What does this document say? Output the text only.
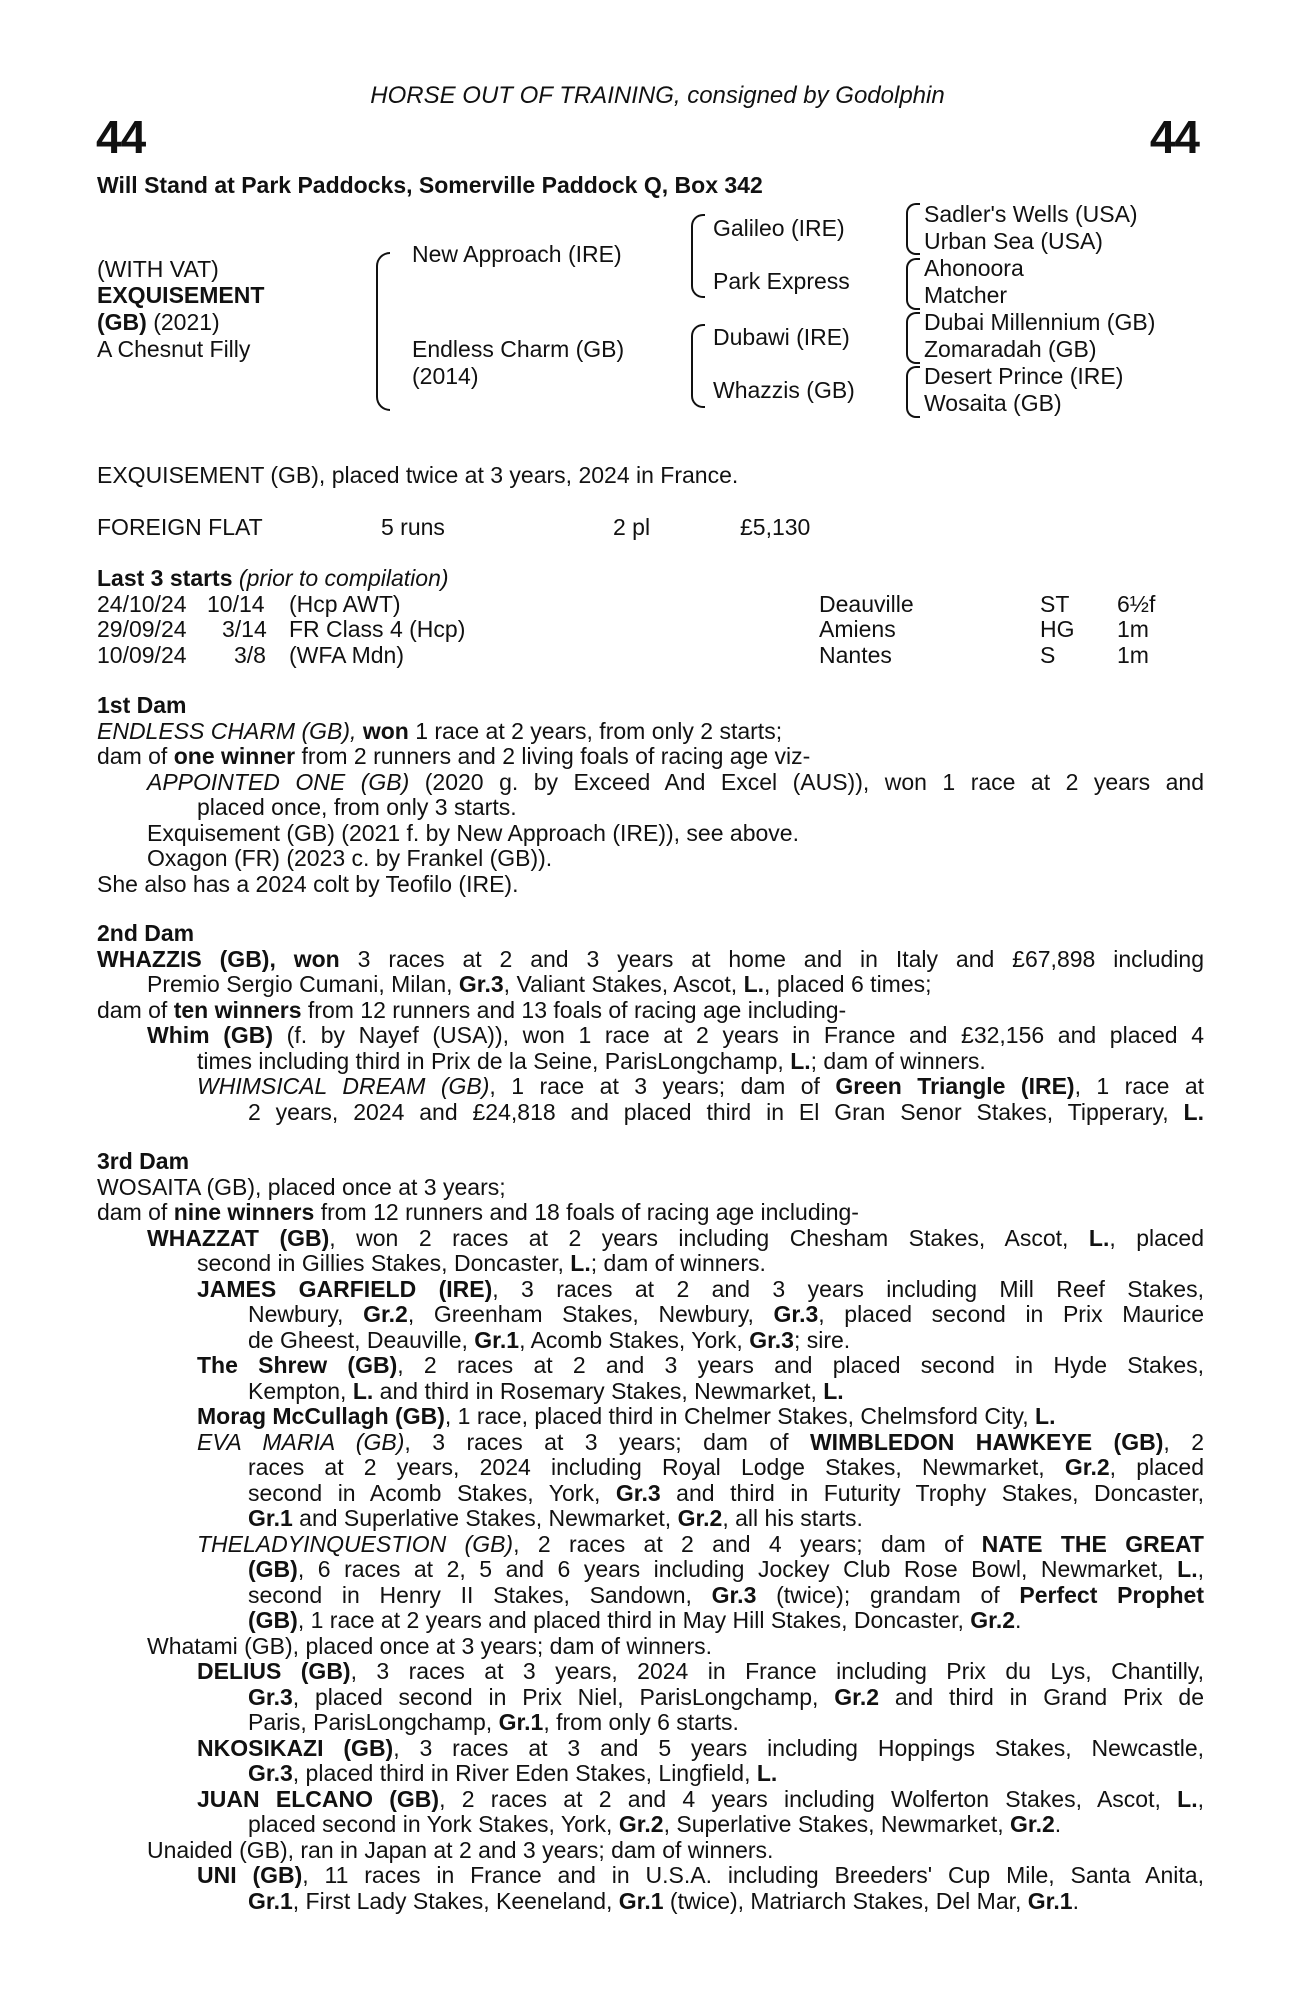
HORSE OUT OF TRAINING, consigned by Godolphin
44	44
Will Stand at Park Paddocks, Somerville Paddock Q, Box 342
(WITH VAT)
EXQUISEMENT
(GB) (2021)
A Chesnut Filly
New Approach (IRE)
Endless Charm (GB)
(2014)
Galileo (IRE)
Park Express
Dubawi (IRE)
Whazzis (GB)
Sadler's Wells (USA)
Urban Sea (USA)
Ahonoora
Matcher
Dubai Millennium (GB)
Zomaradah (GB)
Desert Prince (IRE)
Wosaita (GB)
EXQUISEMENT (GB), placed twice at 3 years, 2024 in France.
FOREIGN FLAT	5 runs	2 pl	£5,130
Last 3 starts (prior to compilation)
24/10/24 10/14 (Hcp AWT)	Deauville	ST 6½f
29/09/24 3/14 FR Class 4 (Hcp)	Amiens	HG 1m
10/09/24 3/8 (WFA Mdn)	Nantes	S	1m
1st Dam
ENDLESS CHARM (GB), won 1 race at 2 years, from only 2 starts;
dam of one winner from 2 runners and 2 living foals of racing age viz-
APPOINTED ONE (GB) (2020 g. by Exceed And Excel (AUS)), won 1 race at 2 years and
placed once, from only 3 starts.
Exquisement (GB) (2021 f. by New Approach (IRE)), see above.
Oxagon (FR) (2023 c. by Frankel (GB)).
She also has a 2024 colt by Teofilo (IRE).
2nd Dam
WHAZZIS (GB), won 3 races at 2 and 3 years at home and in Italy and £67,898 including
Premio Sergio Cumani, Milan, Gr.3, Valiant Stakes, Ascot, L., placed 6 times;
dam of ten winners from 12 runners and 13 foals of racing age including-
Whim (GB) (f. by Nayef (USA)), won 1 race at 2 years in France and £32,156 and placed 4
times including third in Prix de la Seine, ParisLongchamp, L.; dam of winners.
WHIMSICAL DREAM (GB), 1 race at 3 years; dam of Green Triangle (IRE), 1 race at
2 years, 2024 and £24,818 and placed third in El Gran Senor Stakes, Tipperary, L.
3rd Dam
WOSAITA (GB), placed once at 3 years;
dam of nine winners from 12 runners and 18 foals of racing age including-
WHAZZAT (GB), won 2 races at 2 years including Chesham Stakes, Ascot, L., placed
second in Gillies Stakes, Doncaster, L.; dam of winners.
JAMES GARFIELD (IRE), 3 races at 2 and 3 years including Mill Reef Stakes,
Newbury, Gr.2, Greenham Stakes, Newbury, Gr.3, placed second in Prix Maurice
de Gheest, Deauville, Gr.1, Acomb Stakes, York, Gr.3; sire.
The Shrew (GB), 2 races at 2 and 3 years and placed second in Hyde Stakes,
Kempton, L. and third in Rosemary Stakes, Newmarket, L.
Morag McCullagh (GB), 1 race, placed third in Chelmer Stakes, Chelmsford City, L.
EVA MARIA (GB), 3 races at 3 years; dam of WIMBLEDON HAWKEYE (GB), 2
races at 2 years, 2024 including Royal Lodge Stakes, Newmarket, Gr.2, placed
second in Acomb Stakes, York, Gr.3 and third in Futurity Trophy Stakes, Doncaster,
Gr.1 and Superlative Stakes, Newmarket, Gr.2, all his starts.
THELADYINQUESTION (GB), 2 races at 2 and 4 years; dam of NATE THE GREAT
(GB), 6 races at 2, 5 and 6 years including Jockey Club Rose Bowl, Newmarket, L.,
second in Henry II Stakes, Sandown, Gr.3 (twice); grandam of Perfect Prophet
(GB), 1 race at 2 years and placed third in May Hill Stakes, Doncaster, Gr.2.
Whatami (GB), placed once at 3 years; dam of winners.
DELIUS (GB), 3 races at 3 years, 2024 in France including Prix du Lys, Chantilly,
Gr.3, placed second in Prix Niel, ParisLongchamp, Gr.2 and third in Grand Prix de
Paris, ParisLongchamp, Gr.1, from only 6 starts.
NKOSIKAZI (GB), 3 races at 3 and 5 years including Hoppings Stakes, Newcastle,
Gr.3, placed third in River Eden Stakes, Lingfield, L.
JUAN ELCANO (GB), 2 races at 2 and 4 years including Wolferton Stakes, Ascot, L.,
placed second in York Stakes, York, Gr.2, Superlative Stakes, Newmarket, Gr.2.
Unaided (GB), ran in Japan at 2 and 3 years; dam of winners.
UNI (GB), 11 races in France and in U.S.A. including Breeders' Cup Mile, Santa Anita,
Gr.1, First Lady Stakes, Keeneland, Gr.1 (twice), Matriarch Stakes, Del Mar, Gr.1.
